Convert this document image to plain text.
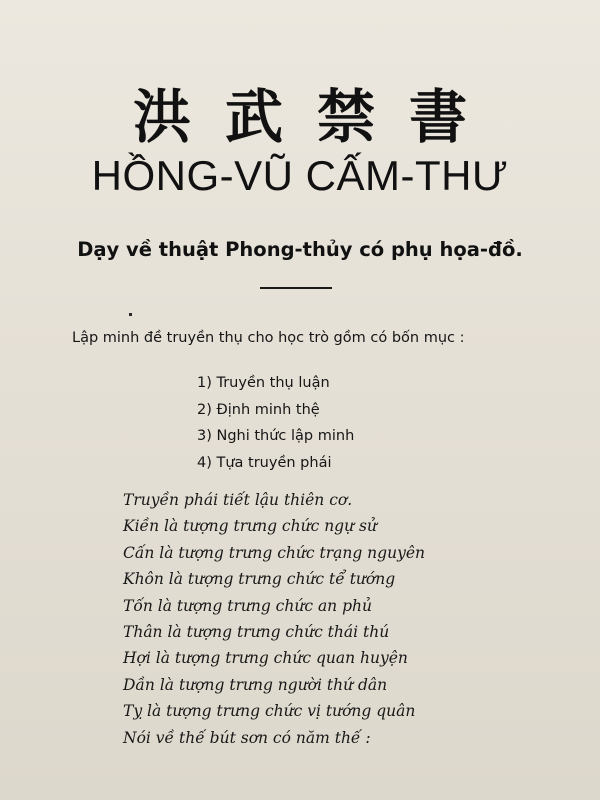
洪武禁書
HỒNG-VŨ CẤM-THƯ
Dạy về thuật Phong-thủy có phụ họa-đồ.
Lập minh đề truyền thụ cho học trò gồm có bốn mục :
1) Truyền thụ luận
2) Định minh thệ
3) Nghi thức lập minh
4) Tựa truyền phái
Truyền phái tiết lậu thiên cơ.
Kiền là tượng trưng chức ngự sử
Cấn là tượng trưng chức trạng nguyên
Khôn là tượng trưng chức tể tướng
Tốn là tượng trưng chức an phủ
Thân là tượng trưng chức thái thú
Hợi là tượng trưng chức quan huyện
Dần là tượng trưng người thứ dân
Tỵ là tượng trưng chức vị tướng quân
Nói về thế bút sơn có năm thế :
